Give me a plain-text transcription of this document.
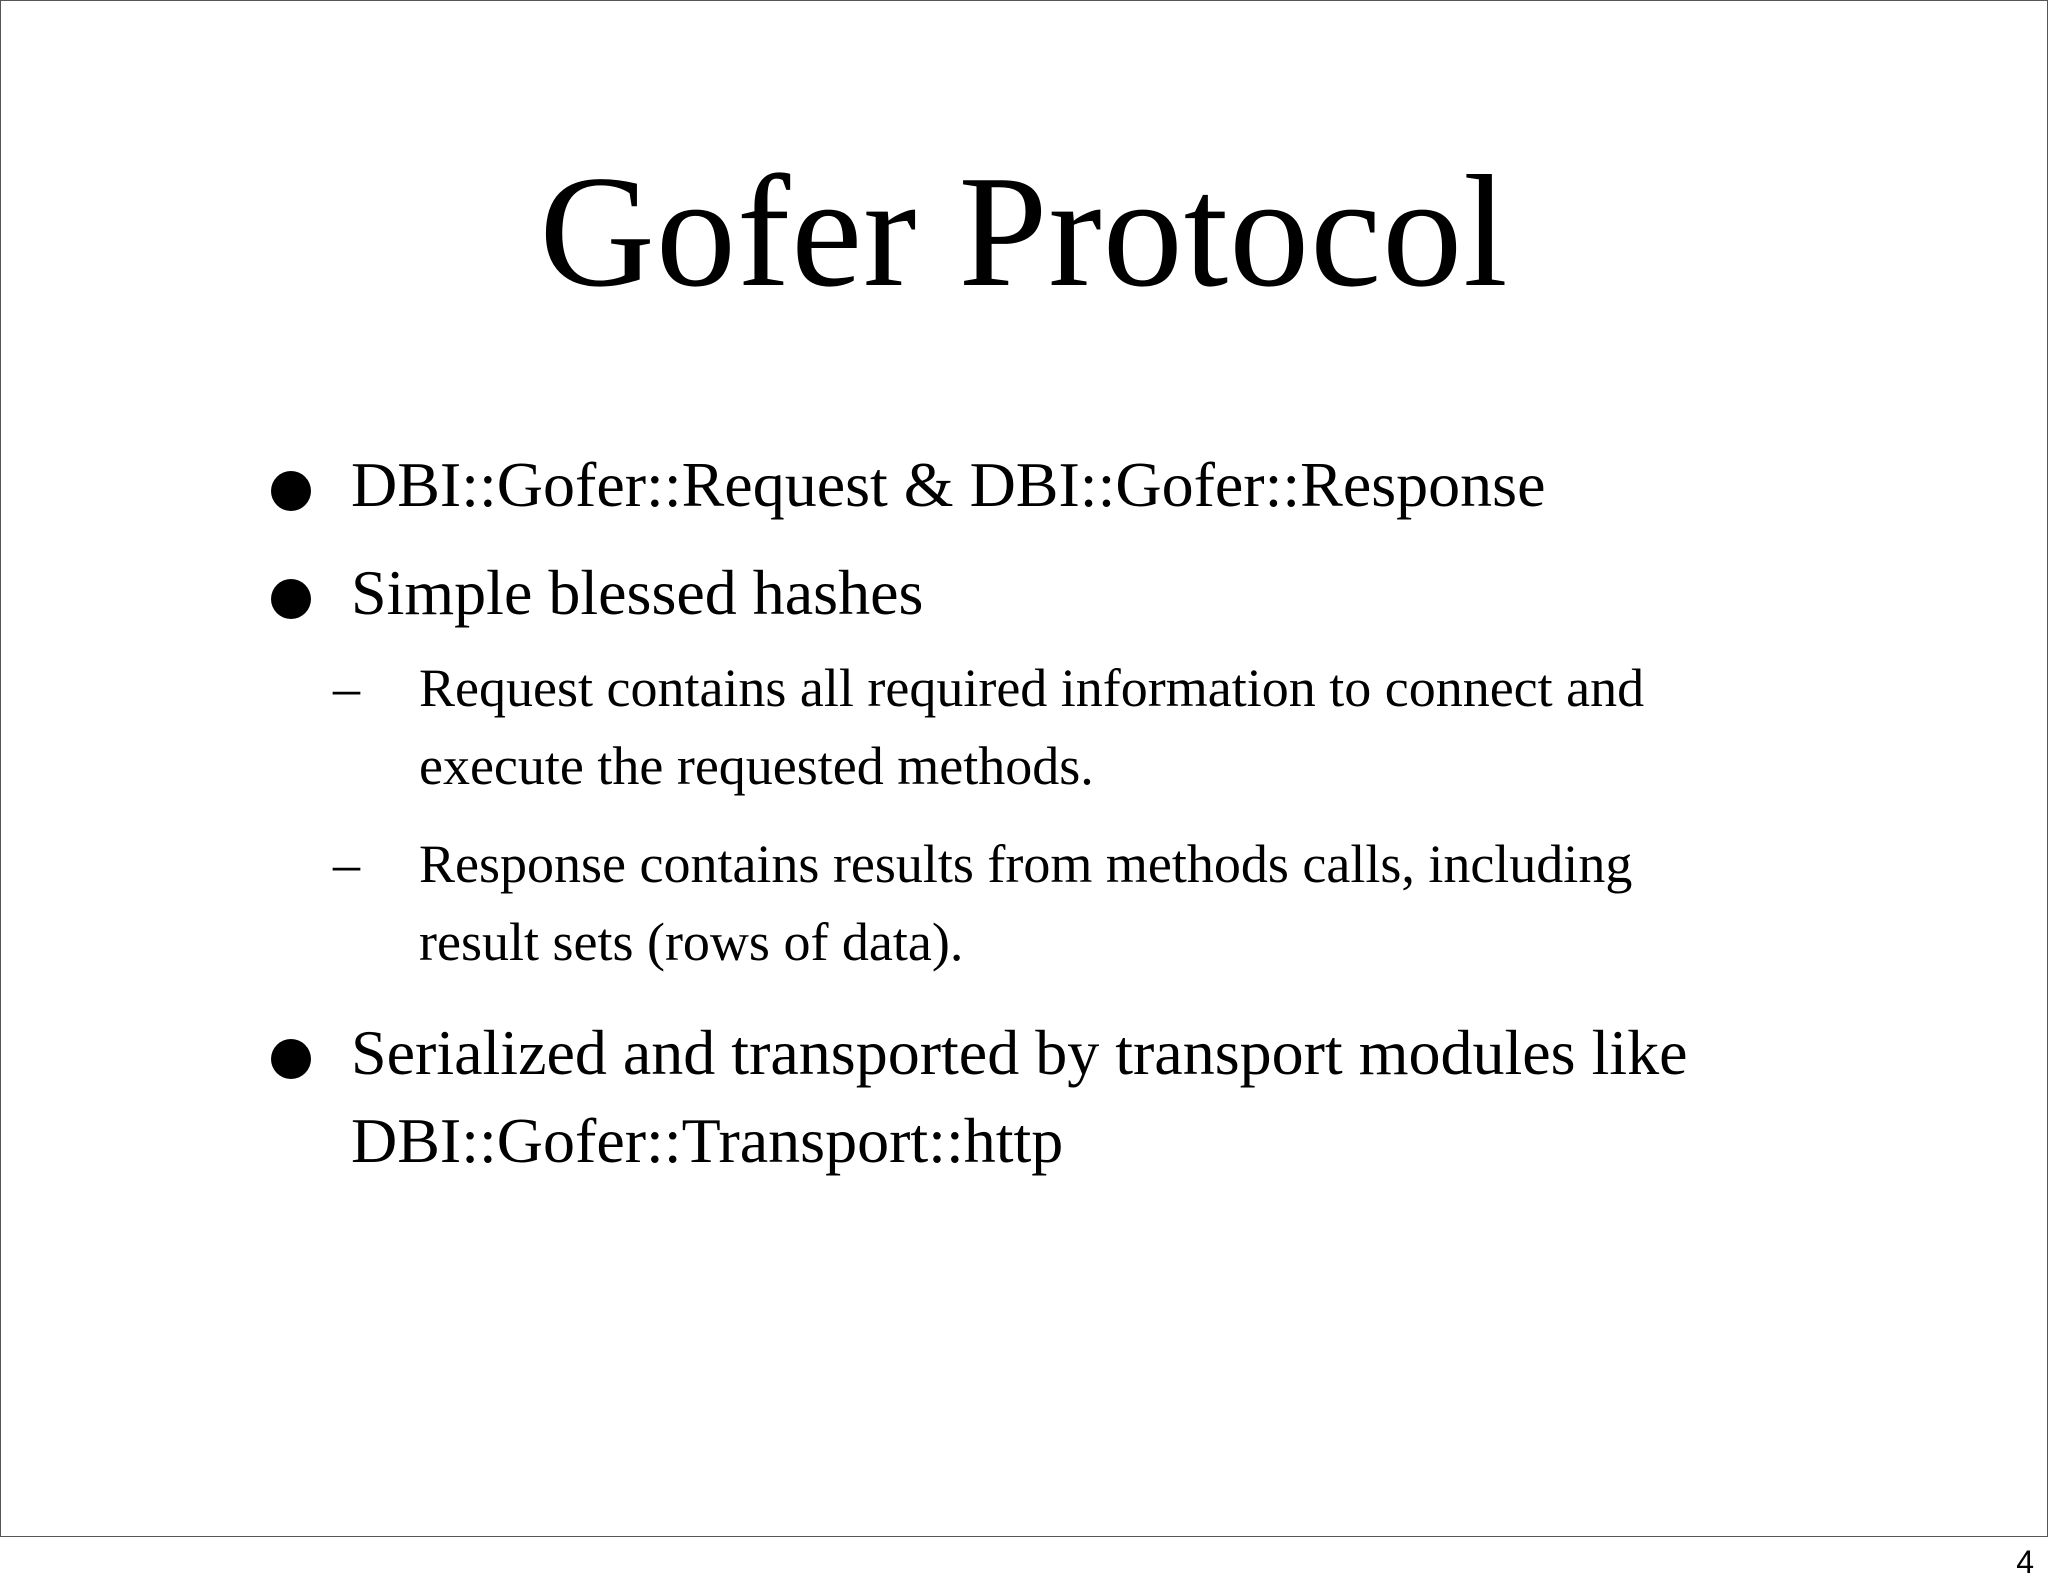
Gofer Protocol
DBI::Gofer::Request & DBI::Gofer::Response
Simple blessed hashes
– Request contains all required information to connect and execute the requested methods.
– Response contains results from methods calls, including result sets (rows of data).
Serialized and transported by transport modules like DBI::Gofer::Transport::http
4
